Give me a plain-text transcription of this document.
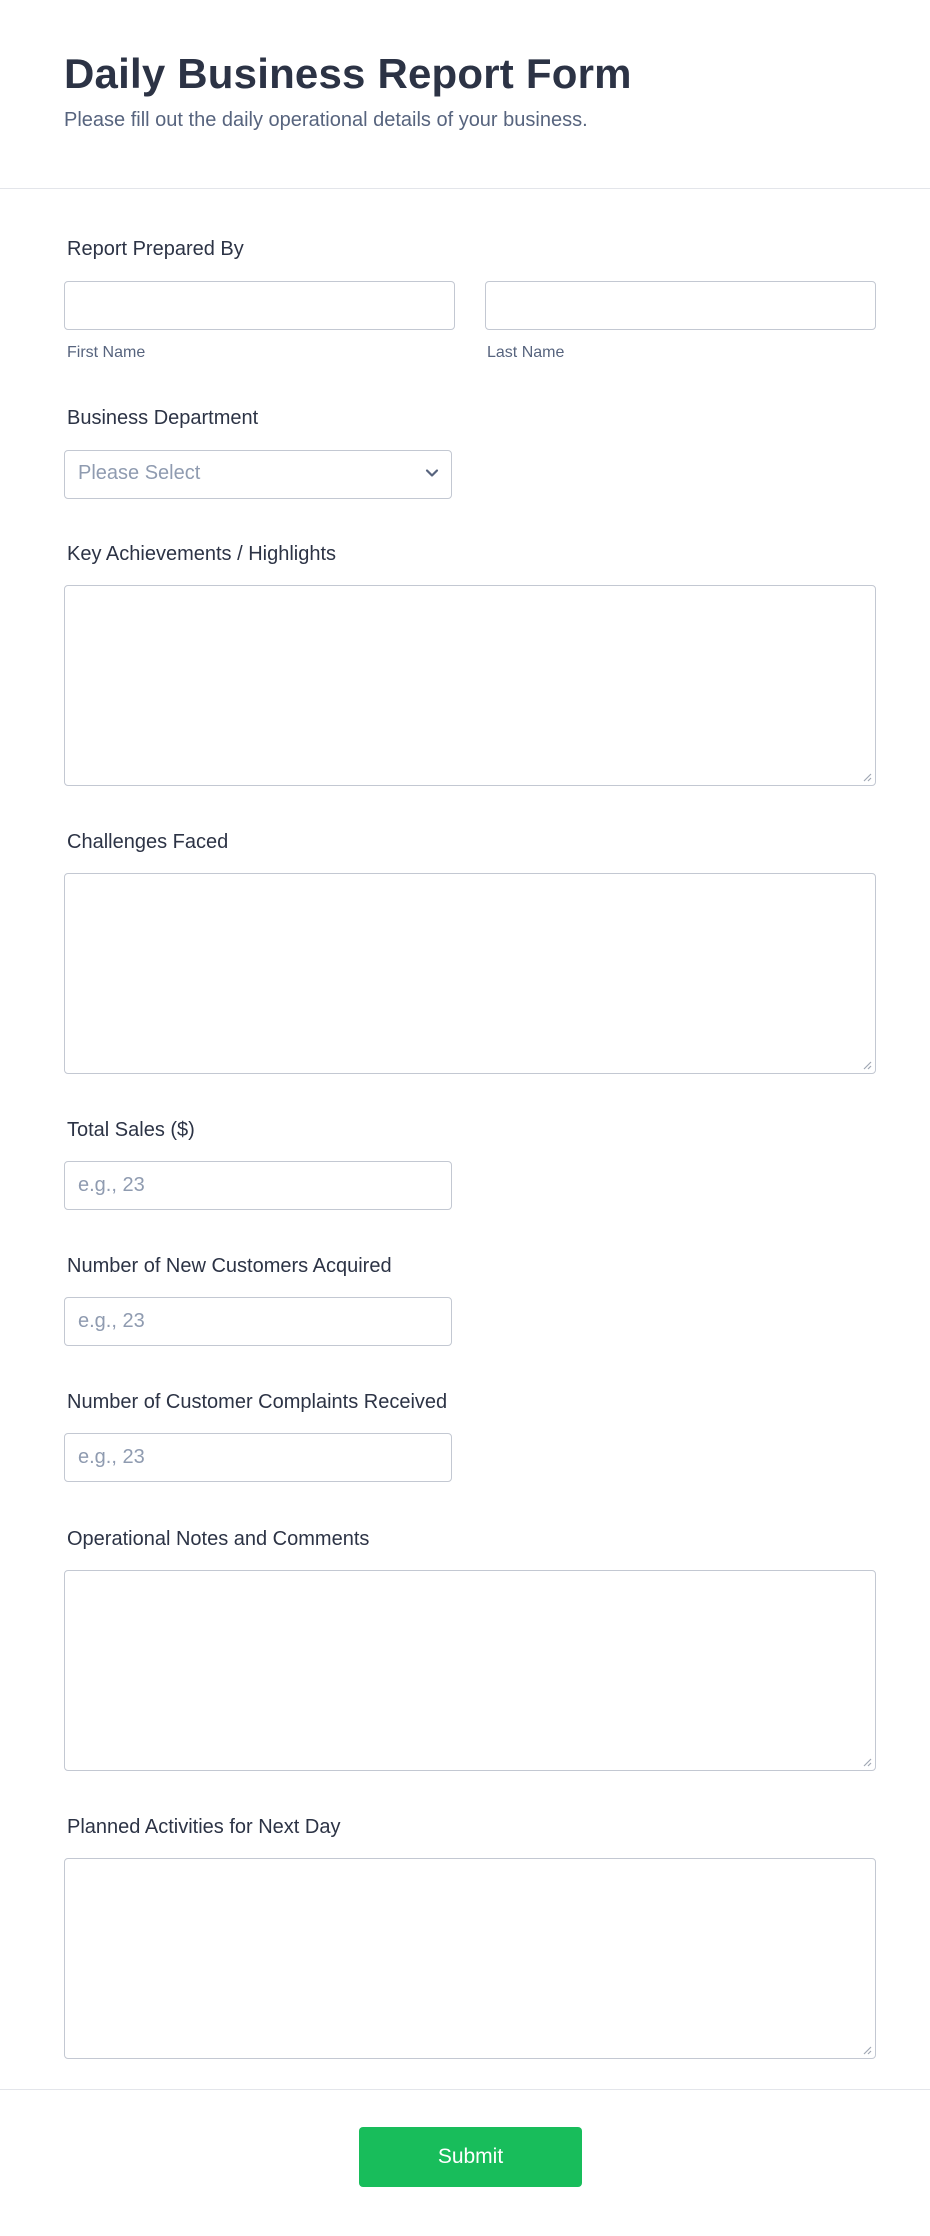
Daily Business Report Form

Please fill out the daily operational details of your business.

Report Prepared By
First Name	Last Name
Business Department
Please Select
Key Achievements / Highlights
Challenges Faced
Total Sales ($)
e.g., 23
Number of New Customers Acquired
e.g., 23
Number of Customer Complaints Received
e.g., 23
Operational Notes and Comments
Planned Activities for Next Day
Submit
